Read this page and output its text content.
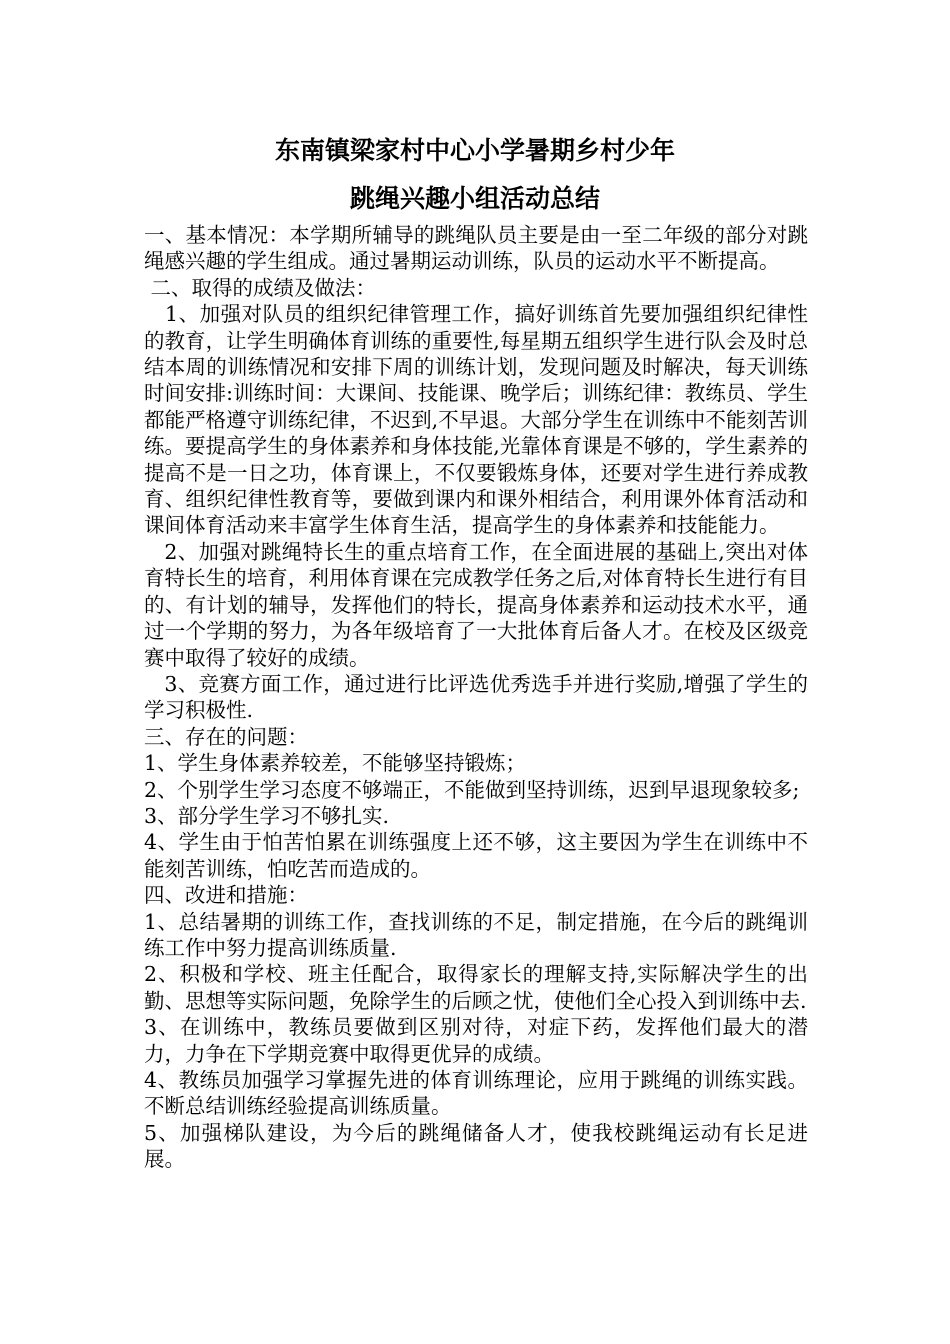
东南镇梁家村中心小学暑期乡村少年
跳绳兴趣小组活动总结

一、基本情况：本学期所辅导的跳绳队员主要是由一至二年级的部分对跳绳感兴趣的学生组成。通过暑期运动训练，队员的运动水平不断提高。

二、取得的成绩及做法：

1、加强对队员的组织纪律管理工作，搞好训练首先要加强组织纪律性的教育，让学生明确体育训练的重要性,每星期五组织学生进行队会及时总结本周的训练情况和安排下周的训练计划，发现问题及时解决，每天训练时间安排:训练时间：大课间、技能课、晚学后；训练纪律：教练员、学生都能严格遵守训练纪律，不迟到,不早退。大部分学生在训练中不能刻苦训练。要提高学生的身体素养和身体技能,光靠体育课是不够的，学生素养的提高不是一日之功，体育课上，不仅要锻炼身体，还要对学生进行养成教育、组织纪律性教育等，要做到课内和课外相结合，利用课外体育活动和课间体育活动来丰富学生体育生活，提高学生的身体素养和技能能力。

2、加强对跳绳特长生的重点培育工作，在全面进展的基础上,突出对体育特长生的培育，利用体育课在完成教学任务之后,对体育特长生进行有目的、有计划的辅导，发挥他们的特长，提高身体素养和运动技术水平，通过一个学期的努力，为各年级培育了一大批体育后备人才。在校及区级竞赛中取得了较好的成绩。

3、竞赛方面工作，通过进行比评选优秀选手并进行奖励,增强了学生的学习积极性.

三、存在的问题：

1、学生身体素养较差，不能够坚持锻炼；

2、个别学生学习态度不够端正，不能做到坚持训练，迟到早退现象较多;

3、部分学生学习不够扎实.

4、学生由于怕苦怕累在训练强度上还不够，这主要因为学生在训练中不能刻苦训练，怕吃苦而造成的。

四、改进和措施：

1、总结暑期的训练工作，查找训练的不足，制定措施，在今后的跳绳训练工作中努力提高训练质量.

2、积极和学校、班主任配合，取得家长的理解支持,实际解决学生的出勤、思想等实际问题，免除学生的后顾之忧，使他们全心投入到训练中去.

3、在训练中，教练员要做到区别对待，对症下药，发挥他们最大的潜力，力争在下学期竞赛中取得更优异的成绩。

4、教练员加强学习掌握先进的体育训练理论，应用于跳绳的训练实践。不断总结训练经验提高训练质量。

5、加强梯队建设，为今后的跳绳储备人才，使我校跳绳运动有长足进展。
